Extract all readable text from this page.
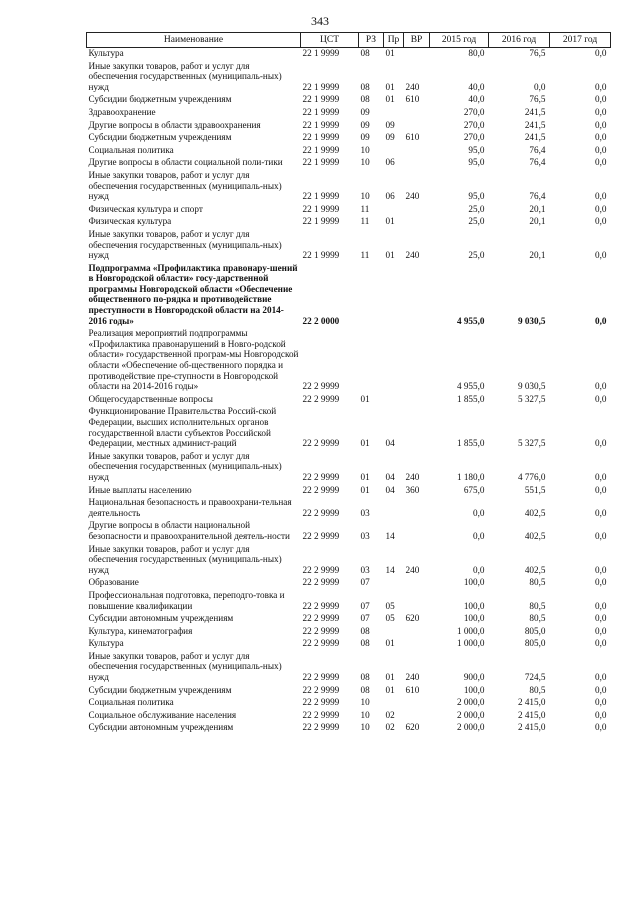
343
Наименование	ЦСТ	РЗ	Пр	ВР	2015 год	2016 год	2017 год
Культура	22 1 9999	08	01		80,0	76,5	0,0
Иные закупки товаров, работ и услуг для обеспечения государственных (муниципаль-ных) нужд	22 1 9999	08	01	240	40,0	0,0	0,0
Субсидии бюджетным учреждениям	22 1 9999	08	01	610	40,0	76,5	0,0
Здравоохранение	22 1 9999	09			270,0	241,5	0,0
Другие вопросы в области здравоохранения	22 1 9999	09	09		270,0	241,5	0,0
Субсидии бюджетным учреждениям	22 1 9999	09	09	610	270,0	241,5	0,0
Социальная политика	22 1 9999	10			95,0	76,4	0,0
Другие вопросы в области социальной поли-тики	22 1 9999	10	06		95,0	76,4	0,0
Иные закупки товаров, работ и услуг для обеспечения государственных (муниципаль-ных) нужд	22 1 9999	10	06	240	95,0	76,4	0,0
Физическая культура и спорт	22 1 9999	11			25,0	20,1	0,0
Физическая культура	22 1 9999	11	01		25,0	20,1	0,0
Иные закупки товаров, работ и услуг для обеспечения государственных (муниципаль-ных) нужд	22 1 9999	11	01	240	25,0	20,1	0,0
Подпрограмма «Профилактика правонару-шений в Новгородской области» госу-дарственной программы Новгородской области «Обеспечение общественного по-рядка и противодействие преступности в Новгородской области на 2014-2016 годы»	22 2 0000				4 955,0	9 030,5	0,0
Реализация мероприятий подпрограммы «Профилактика правонарушений в Новго-родской области» государственной програм-мы Новгородской области «Обеспечение об-щественного порядка и противодействие пре-ступности в Новгородской области на 2014-2016 годы»	22 2 9999				4 955,0	9 030,5	0,0
Общегосударственные вопросы	22 2 9999	01			1 855,0	5 327,5	0,0
Функционирование Правительства Россий-ской Федерации, высших исполнительных органов государственной власти субъектов Российской Федерации, местных админист-раций	22 2 9999	01	04		1 855,0	5 327,5	0,0
Иные закупки товаров, работ и услуг для обеспечения государственных (муниципаль-ных) нужд	22 2 9999	01	04	240	1 180,0	4 776,0	0,0
Иные выплаты населению	22 2 9999	01	04	360	675,0	551,5	0,0
Национальная безопасность и правоохрани-тельная деятельность	22 2 9999	03			0,0	402,5	0,0
Другие вопросы в области национальной безопасности и правоохранительной деятель-ности	22 2 9999	03	14		0,0	402,5	0,0
Иные закупки товаров, работ и услуг для обеспечения государственных (муниципаль-ных) нужд	22 2 9999	03	14	240	0,0	402,5	0,0
Образование	22 2 9999	07			100,0	80,5	0,0
Профессиональная подготовка, переподго-товка и повышение квалификации	22 2 9999	07	05		100,0	80,5	0,0
Субсидии автономным учреждениям	22 2 9999	07	05	620	100,0	80,5	0,0
Культура, кинематография	22 2 9999	08			1 000,0	805,0	0,0
Культура	22 2 9999	08	01		1 000,0	805,0	0,0
Иные закупки товаров, работ и услуг для обеспечения государственных (муниципаль-ных) нужд	22 2 9999	08	01	240	900,0	724,5	0,0
Субсидии бюджетным учреждениям	22 2 9999	08	01	610	100,0	80,5	0,0
Социальная политика	22 2 9999	10			2 000,0	2 415,0	0,0
Социальное обслуживание населения	22 2 9999	10	02		2 000,0	2 415,0	0,0
Субсидии автономным учреждениям	22 2 9999	10	02	620	2 000,0	2 415,0	0,0
